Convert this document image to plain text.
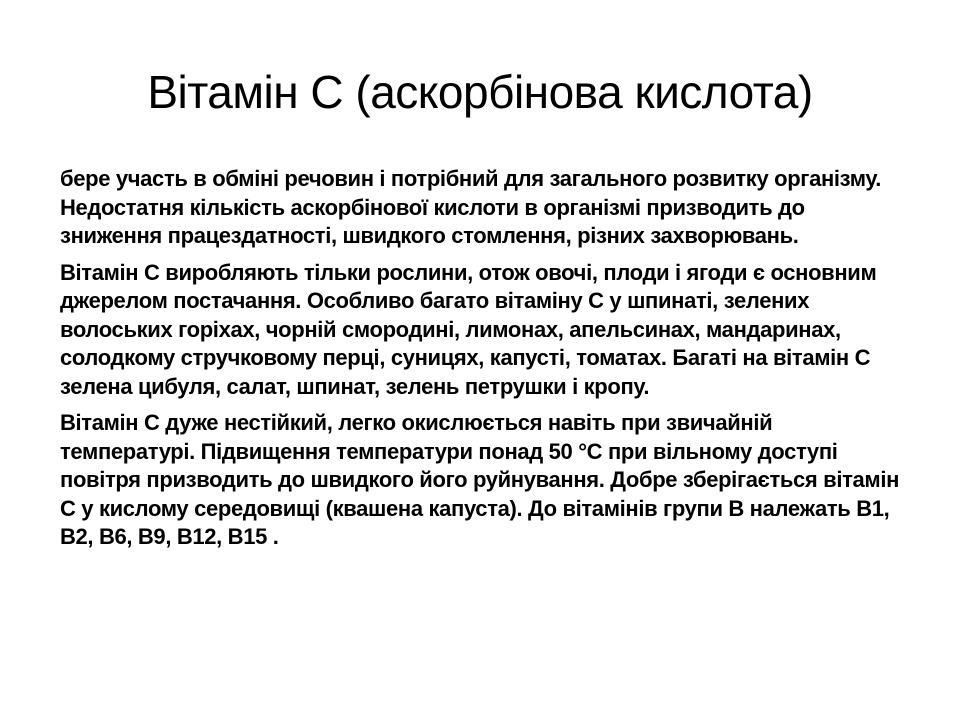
Вітамін С (аскорбінова кислота)

бере участь в обміні речовин і потрібний для загального розвитку організму. Недостатня кількість аскорбінової кислоти в організмі призводить до зниження працездатності, швидкого стомлення, різних захворювань.

Вітамін С виробляють тільки рослини, отож овочі, плоди і ягоди є основним джерелом постачання. Особливо багато вітаміну С у шпинаті, зелених волоських горіхах, чорній смородині, лимонах, апельсинах, мандаринах, солодкому стручковому перці, суницях, капусті, томатах. Багаті на вітамін С зелена цибуля, салат, шпинат, зелень петрушки і кропу.

Вітамін С дуже нестійкий, легко окислюється навіть при звичайній температурі. Підвищення температури понад 50 °С при вільному доступі повітря призводить до швидкого його руйнування. Добре зберігається вітамін С у кислому середовищі (квашена капуста). До вітамінів групи В належать В1, В2, В6, В9, В12, В15 .
